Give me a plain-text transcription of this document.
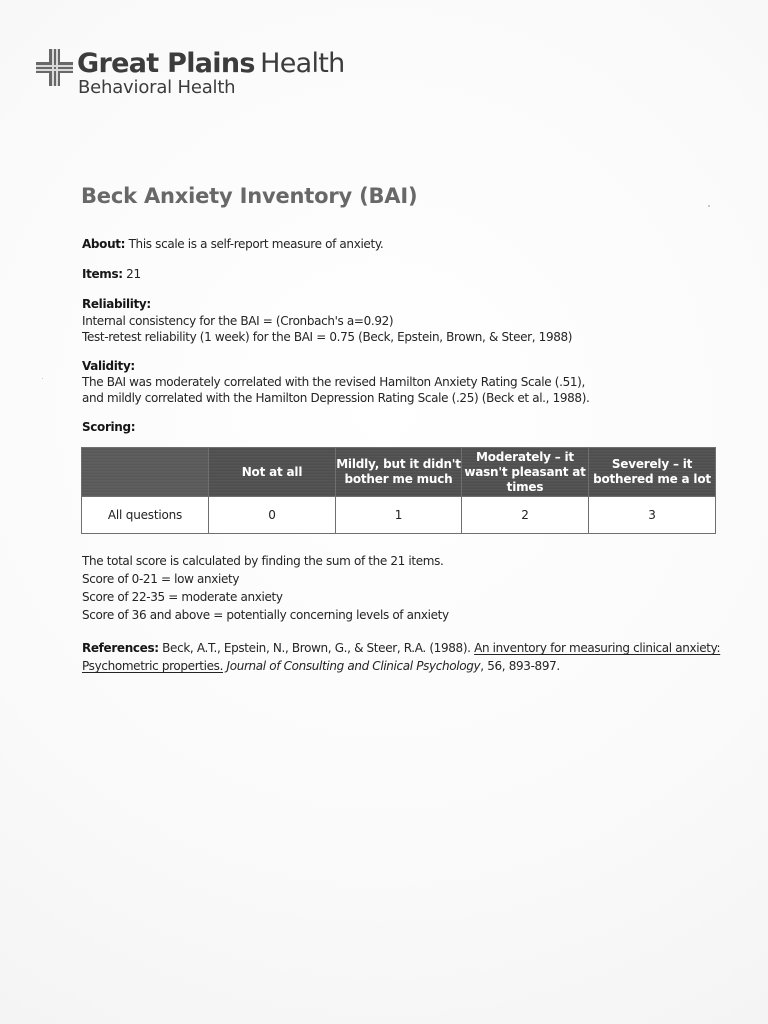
Great Plains Health
Behavioral Health
Beck Anxiety Inventory (BAI)
About: This scale is a self-report measure of anxiety.
Items: 21
Reliability:
Internal consistency for the BAI = (Cronbach's a=0.92)
Test-retest reliability (1 week) for the BAI = 0.75 (Beck, Epstein, Brown, & Steer, 1988)
Validity:
The BAI was moderately correlated with the revised Hamilton Anxiety Rating Scale (.51),
and mildly correlated with the Hamilton Depression Rating Scale (.25) (Beck et al., 1988).
Scoring:
	Not at all	Mildly, but it didn't bother me much	Moderately – it wasn't pleasant at times	Severely – it bothered me a lot
All questions	0	1	2	3
The total score is calculated by finding the sum of the 21 items.
Score of 0-21 = low anxiety
Score of 22-35 = moderate anxiety
Score of 36 and above = potentially concerning levels of anxiety
References: Beck, A.T., Epstein, N., Brown, G., & Steer, R.A. (1988). An inventory for measuring clinical anxiety:
Psychometric properties. Journal of Consulting and Clinical Psychology, 56, 893-897.
